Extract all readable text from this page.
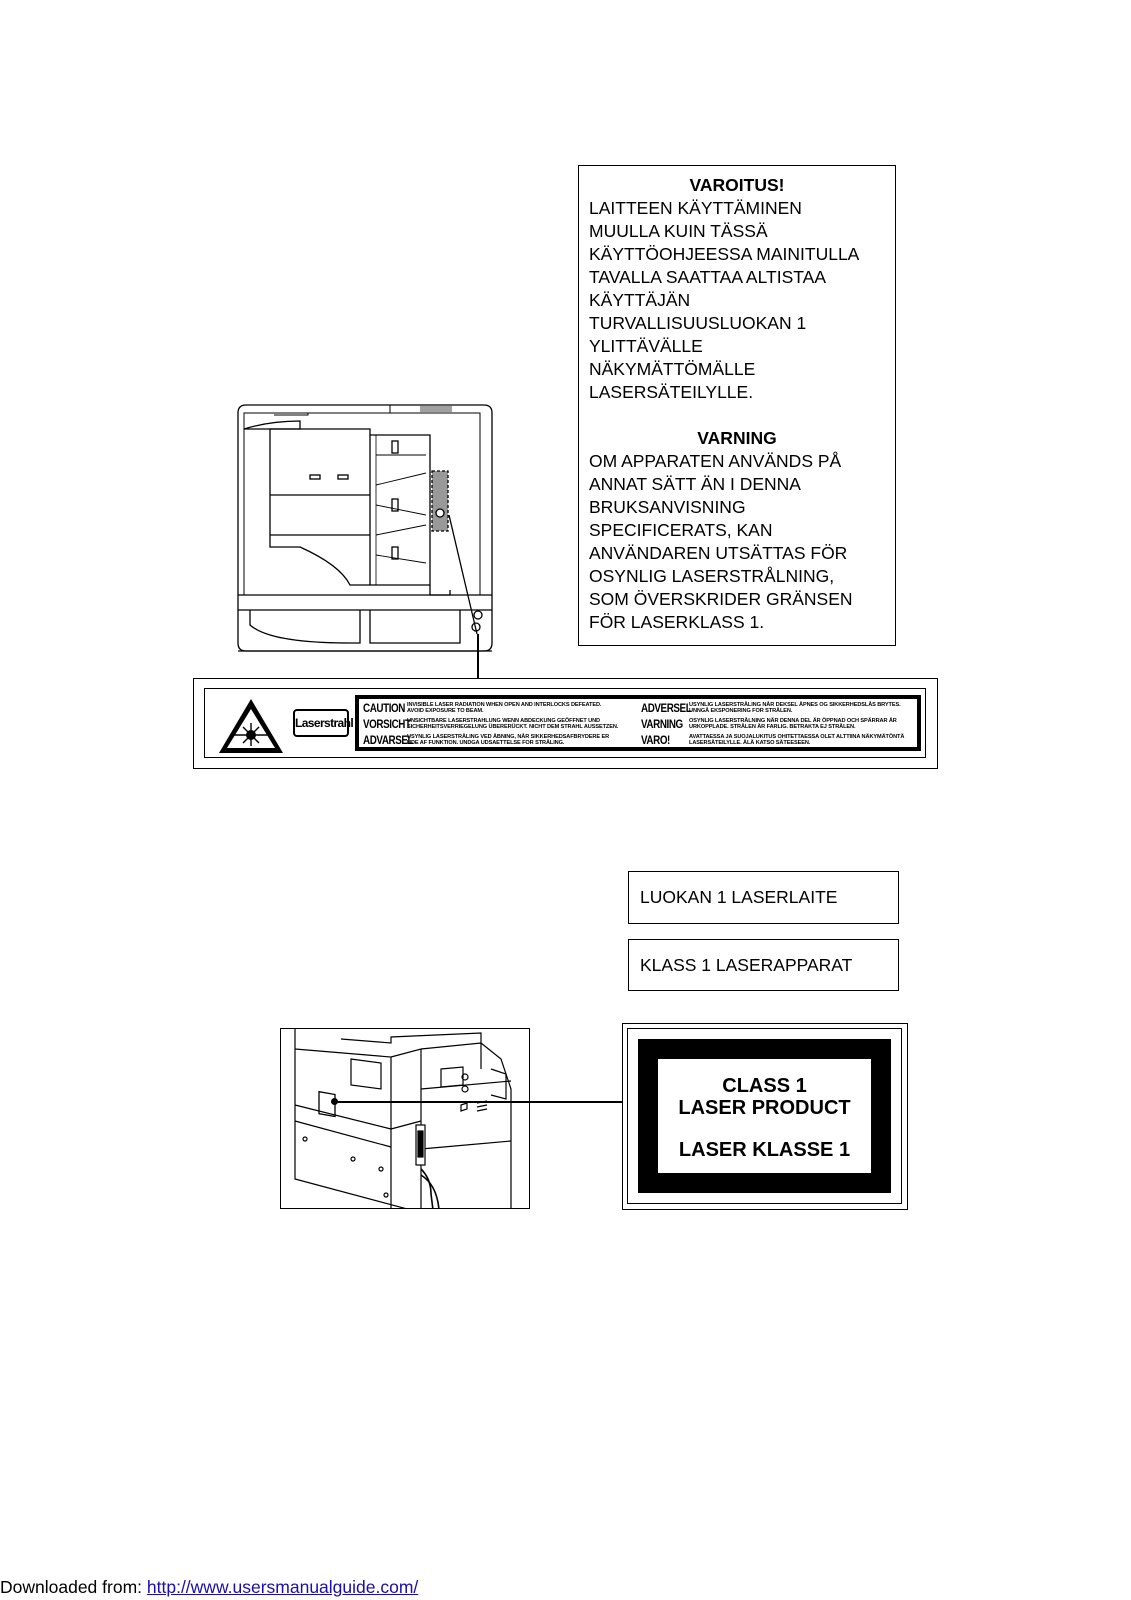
VAROITUS!
LAITTEEN KÄYTTÄMINEN
MUULLA KUIN TÄSSÄ
KÄYTTÖOHJEESSA MAINITULLA
TAVALLA SAATTAA ALTISTAA
KÄYTTÄJÄN
TURVALLISUUSLUOKAN 1
YLITTÄVÄLLE
NÄKYMÄTTÖMÄLLE
LASERSÄTEILYLLE.
VARNING
OM APPARATEN ANVÄNDS PÅ
ANNAT SÄTT ÄN I DENNA
BRUKSANVISNING
SPECIFICERATS, KAN
ANVÄNDAREN UTSÄTTAS FÖR
OSYNLIG LASERSTRÅLNING,
SOM ÖVERSKRIDER GRÄNSEN
FÖR LASERKLASS 1.
Laserstrahl
CAUTION INVISIBLE LASER RADIATION WHEN OPEN AND INTERLOCKS DEFEATED.
AVOID EXPOSURE TO BEAM.
VORSICHT
UNSICHTBARE LASERSTRAHLUNG WENN ABDECKUNG GEÖFFNET UND
SICHERHEITSVERRIEGELUNG ÜBERERÜCKT. NICHT DEM STRAHL AUSSETZEN.
ADVARSEL
USYNLIG LASERSTRÅLING VED ÅBNING, NÅR SIKKERHEDSAFBRYDERE ER
UDE AF FUNKTION. UNDGA UDSAETTELSE FOR STRÅLING.
ADVERSEL
USYNLIG LASERSTRÅLING NÅR DEKSEL ÅPNES OG SIKKERHEDSLÅS BRYTES.
UNNGÅ EKSPONERING FOR STRÅLEN.
VARNING OSYNLIG LASERSTRÅLNING NÄR DENNA DEL ÄR ÖPPNAD OCH SPÄRRAR ÄR
URKOPPLADE. STRÅLEN ÄR FARLIG. BETRAKTA EJ STRÅLEN.
VARO!	AVATTAESSA JA SUOJALUKITUS OHITETTAESSA OLET ALTTIINA NÄKYMÄTÖNTÄ
LASERSÄTEILYLLE. ÄLÄ KATSO SÄTEESEEN.
LUOKAN 1 LASERLAITE
KLASS 1 LASERAPPARAT
CLASS 1
LASER PRODUCT
LASER KLASSE 1
Downloaded from: http://www.usersmanualguide.com/
